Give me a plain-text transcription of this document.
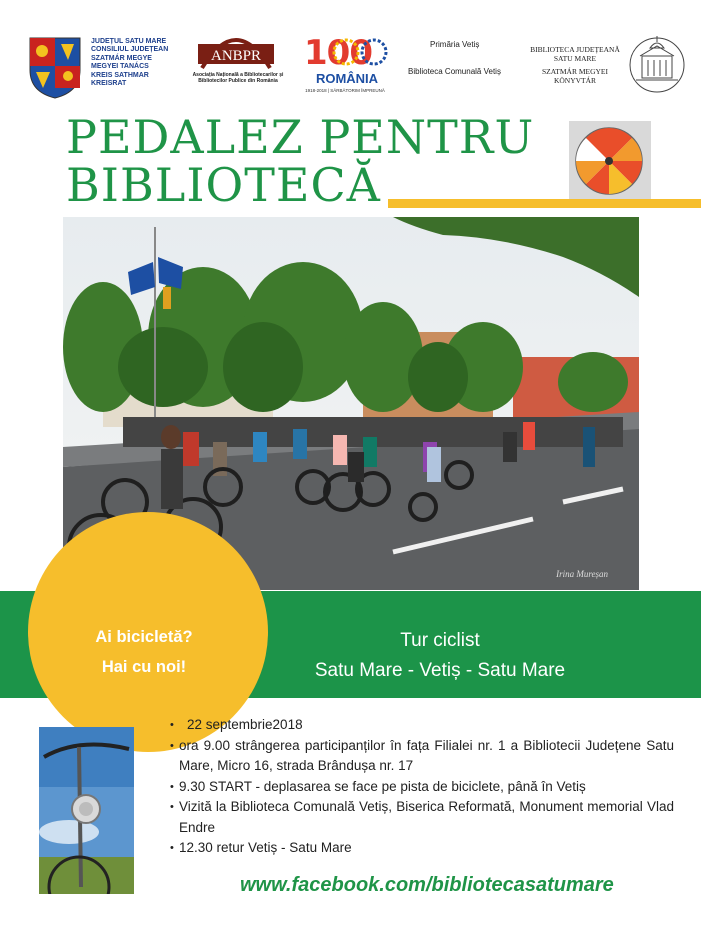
JUDEȚUL SATU MARE
CONSILIUL JUDEȚEAN
SZATMÁR MEGYE
MEGYEI TANÁCS
KREIS SATHMAR
KREISRAT
ANBPR
Asociația Națională a Bibliotecarilor și Bibliotecilor Publice din România
100
ROMÂNIA
1918-2018 | SĂRBĂTORIM ÎMPREUNĂ
Primăria Vetiș
Biblioteca Comunală Vetiș
BIBLIOTECA JUDEȚEANĂ
SATU MARE
SZATMÁR MEGYEI
KÖNYVTÁR
PEDALEZ PENTRU
BIBLIOTECĂ
Irina Mureșan
Ai bicicletă?
Hai cu noi!
Tur ciclist
Satu Mare - Vetiș - Satu Mare
• 22 septembrie2018
• ora 9.00 strângerea participanților în fața Filialei nr. 1 a Bibliotecii Județene Satu Mare, Micro 16, strada Brândușa nr. 17
• 9.30 START - deplasarea se face pe pista de biciclete, până în Vetiș
• Vizită la Biblioteca Comunală Vetiș, Biserica Reformată, Monument memorial Vlad Endre
• 12.30 retur Vetiș - Satu Mare
www.facebook.com/bibliotecasatumare
